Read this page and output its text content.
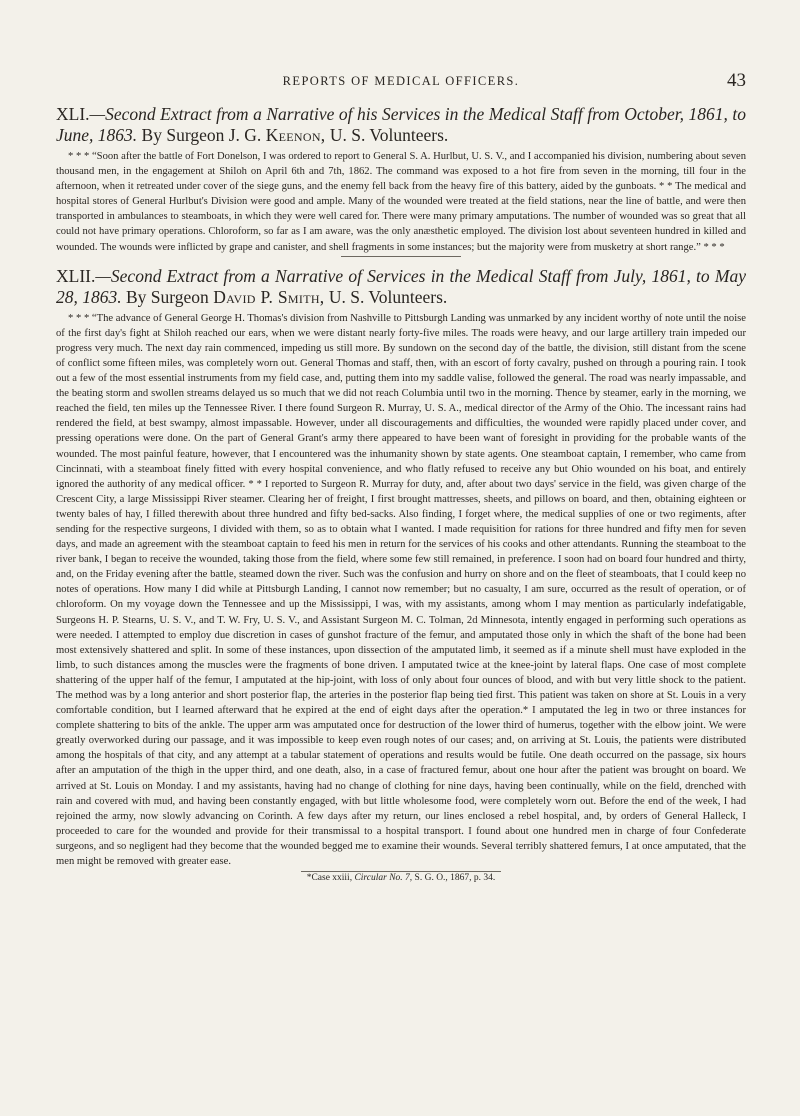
REPORTS OF MEDICAL OFFICERS.	43

XLI.—Second Extract from a Narrative of his Services in the Medical Staff from October, 1861, to June, 1863. By Surgeon J. G. Keenon, U. S. Volunteers.

* * * “Soon after the battle of Fort Donelson, I was ordered to report to General S. A. Hurlbut, U. S. V., and I accompanied his division, numbering about seven thousand men, in the engagement at Shiloh on April 6th and 7th, 1862. The command was exposed to a hot fire from seven in the morning, till four in the afternoon, when it retreated under cover of the siege guns, and the enemy fell back from the heavy fire of this battery, aided by the gunboats. * * The medical and hospital stores of General Hurlbut's Division were good and ample. Many of the wounded were treated at the field stations, near the line of battle, and were then transported in ambulances to steamboats, in which they were well cared for. There were many primary amputations. The number of wounded was so great that all could not have primary operations. Chloroform, so far as I am aware, was the only anæsthetic employed. The division lost about seventeen hundred in killed and wounded. The wounds were inflicted by grape and canister, and shell fragments in some instances; but the majority were from musketry at short range.” * * *

XLII.—Second Extract from a Narrative of Services in the Medical Staff from July, 1861, to May 28, 1863. By Surgeon David P. Smith, U. S. Volunteers.

* * * “The advance of General George H. Thomas's division from Nashville to Pittsburgh Landing was unmarked by any incident worthy of note until the noise of the first day's fight at Shiloh reached our ears, when we were distant nearly forty-five miles. The roads were heavy, and our large artillery train impeded our progress very much. The next day rain commenced, impeding us still more. By sundown on the second day of the battle, the division, still distant from the scene of conflict some fifteen miles, was completely worn out. General Thomas and staff, then, with an escort of forty cavalry, pushed on through a pouring rain. I took out a few of the most essential instruments from my field case, and, putting them into my saddle valise, followed the general. The road was nearly impassable, and the beating storm and swollen streams delayed us so much that we did not reach Columbia until two in the morning. Thence by steamer, early in the morning, we reached the field, ten miles up the Tennessee River. I there found Surgeon R. Murray, U. S. A., medical director of the Army of the Ohio. The incessant rains had rendered the field, at best swampy, almost impassable. However, under all discouragements and difficulties, the wounded were rapidly placed under cover, and pressing operations were done. On the part of General Grant's army there appeared to have been want of foresight in providing for the probable wants of the wounded. The most painful feature, however, that I encountered was the inhumanity shown by state agents. One steamboat captain, I remember, who came from Cincinnati, with a steamboat finely fitted with every hospital convenience, and who flatly refused to receive any but Ohio wounded on his boat, and entirely ignored the authority of any medical officer. * * I reported to Surgeon R. Murray for duty, and, after about two days' service in the field, was given charge of the Crescent City, a large Mississippi River steamer. Clearing her of freight, I first brought mattresses, sheets, and pillows on board, and then, obtaining eighteen or twenty bales of hay, I filled therewith about three hundred and fifty bed-sacks. Also finding, I forget where, the medical supplies of one or two regiments, after sending for the respective surgeons, I divided with them, so as to obtain what I wanted. I made requisition for rations for three hundred and fifty men for seven days, and made an agreement with the steamboat captain to feed his men in return for the services of his cooks and other attendants. Running the steamboat to the river bank, I began to receive the wounded, taking those from the field, where some few still remained, in preference. I soon had on board four hundred and thirty, and, on the Friday evening after the battle, steamed down the river. Such was the confusion and hurry on shore and on the fleet of steamboats, that I could keep no notes of operations. How many I did while at Pittsburgh Landing, I cannot now remember; but no casualty, I am sure, occurred as the result of operation, or of chloroform. On my voyage down the Tennessee and up the Mississippi, I was, with my assistants, among whom I may mention as particularly indefatigable, Surgeons H. P. Stearns, U. S. V., and T. W. Fry, U. S. V., and Assistant Surgeon M. C. Tolman, 2d Minnesota, intently engaged in performing such operations as were needed. I attempted to employ due discretion in cases of gunshot fracture of the femur, and amputated those only in which the shaft of the bone had been most extensively shattered and split. In some of these instances, upon dissection of the amputated limb, it seemed as if a minute shell must have exploded in the limb, to such distances among the muscles were the fragments of bone driven. I amputated twice at the knee-joint by lateral flaps. One case of most complete shattering of the upper half of the femur, I amputated at the hip-joint, with loss of only about four ounces of blood, and with but very little shock to the patient. The method was by a long anterior and short posterior flap, the arteries in the posterior flap being tied first. This patient was taken on shore at St. Louis in a very comfortable condition, but I learned afterward that he expired at the end of eight days after the operation.* I amputated the leg in two or three instances for complete shattering to bits of the ankle. The upper arm was amputated once for destruction of the lower third of humerus, together with the elbow joint. We were greatly overworked during our passage, and it was impossible to keep even rough notes of our cases; and, on arriving at St. Louis, the patients were distributed among the hospitals of that city, and any attempt at a tabular statement of operations and results would be futile. One death occurred on the passage, six hours after an amputation of the thigh in the upper third, and one death, also, in a case of fractured femur, about one hour after the patient was brought on board. We arrived at St. Louis on Monday. I and my assistants, having had no change of clothing for nine days, having been continually, while on the field, drenched with rain and covered with mud, and having been constantly engaged, with but little wholesome food, were completely worn out. Before the end of the week, I had rejoined the army, now slowly advancing on Corinth. A few days after my return, our lines enclosed a rebel hospital, and, by orders of General Halleck, I proceeded to care for the wounded and provide for their transmissal to a hospital transport. I found about one hundred men in charge of four Confederate surgeons, and so negligent had they become that the wounded begged me to examine their wounds. Several terribly shattered femurs, I at once amputated, that the men might be removed with greater ease.

*Case xxiii, Circular No. 7, S. G. O., 1867, p. 34.
